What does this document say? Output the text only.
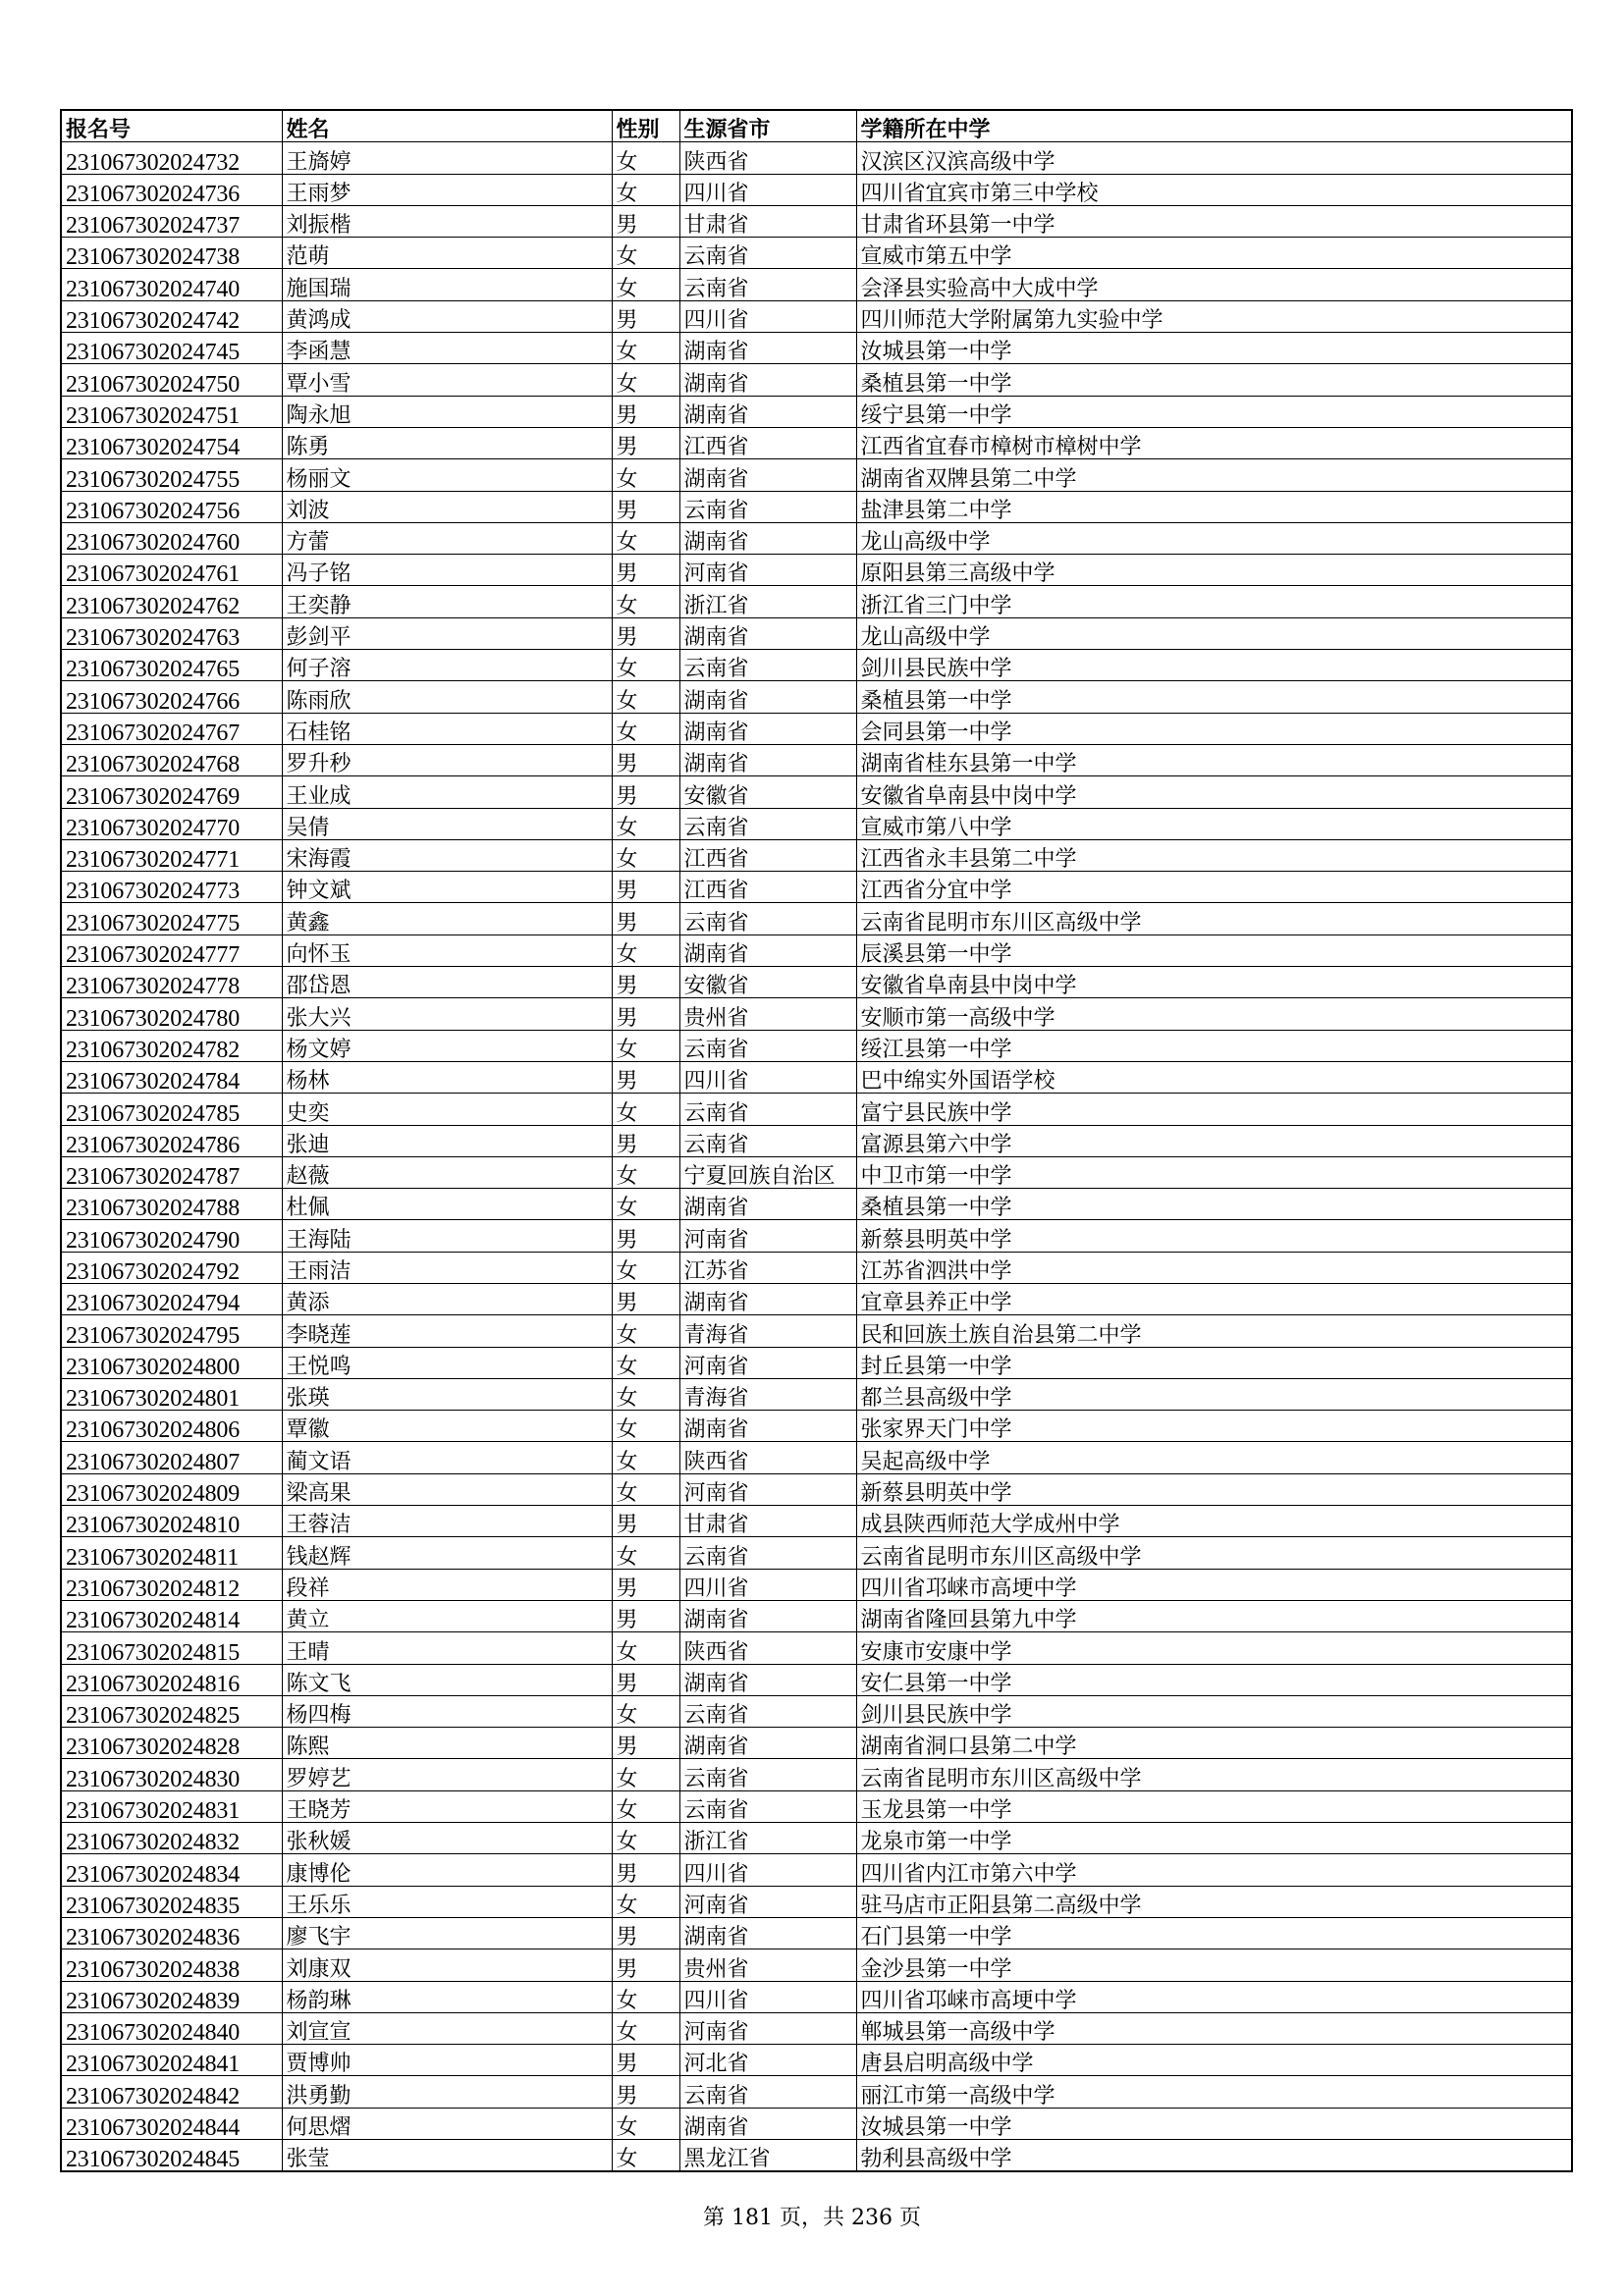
报名号	姓名	性别	生源省市	学籍所在中学
231067302024732	王旖婷	女	陕西省	汉滨区汉滨高级中学
231067302024736	王雨梦	女	四川省	四川省宜宾市第三中学校
231067302024737	刘振楷	男	甘肃省	甘肃省环县第一中学
231067302024738	范萌	女	云南省	宣威市第五中学
231067302024740	施国瑞	女	云南省	会泽县实验高中大成中学
231067302024742	黄鸿成	男	四川省	四川师范大学附属第九实验中学
231067302024745	李函慧	女	湖南省	汝城县第一中学
231067302024750	覃小雪	女	湖南省	桑植县第一中学
231067302024751	陶永旭	男	湖南省	绥宁县第一中学
231067302024754	陈勇	男	江西省	江西省宜春市樟树市樟树中学
231067302024755	杨丽文	女	湖南省	湖南省双牌县第二中学
231067302024756	刘波	男	云南省	盐津县第二中学
231067302024760	方蕾	女	湖南省	龙山高级中学
231067302024761	冯子铭	男	河南省	原阳县第三高级中学
231067302024762	王奕静	女	浙江省	浙江省三门中学
231067302024763	彭剑平	男	湖南省	龙山高级中学
231067302024765	何子溶	女	云南省	剑川县民族中学
231067302024766	陈雨欣	女	湖南省	桑植县第一中学
231067302024767	石桂铭	女	湖南省	会同县第一中学
231067302024768	罗升秒	男	湖南省	湖南省桂东县第一中学
231067302024769	王业成	男	安徽省	安徽省阜南县中岗中学
231067302024770	吴倩	女	云南省	宣威市第八中学
231067302024771	宋海霞	女	江西省	江西省永丰县第二中学
231067302024773	钟文斌	男	江西省	江西省分宜中学
231067302024775	黄鑫	男	云南省	云南省昆明市东川区高级中学
231067302024777	向怀玉	女	湖南省	辰溪县第一中学
231067302024778	邵岱恩	男	安徽省	安徽省阜南县中岗中学
231067302024780	张大兴	男	贵州省	安顺市第一高级中学
231067302024782	杨文婷	女	云南省	绥江县第一中学
231067302024784	杨林	男	四川省	巴中绵实外国语学校
231067302024785	史奕	女	云南省	富宁县民族中学
231067302024786	张迪	男	云南省	富源县第六中学
231067302024787	赵薇	女	宁夏回族自治区	中卫市第一中学
231067302024788	杜佩	女	湖南省	桑植县第一中学
231067302024790	王海陆	男	河南省	新蔡县明英中学
231067302024792	王雨洁	女	江苏省	江苏省泗洪中学
231067302024794	黄添	男	湖南省	宜章县养正中学
231067302024795	李晓莲	女	青海省	民和回族土族自治县第二中学
231067302024800	王悦鸣	女	河南省	封丘县第一中学
231067302024801	张瑛	女	青海省	都兰县高级中学
231067302024806	覃徽	女	湖南省	张家界天门中学
231067302024807	蔺文语	女	陕西省	吴起高级中学
231067302024809	梁高果	女	河南省	新蔡县明英中学
231067302024810	王蓉洁	男	甘肃省	成县陕西师范大学成州中学
231067302024811	钱赵辉	女	云南省	云南省昆明市东川区高级中学
231067302024812	段祥	男	四川省	四川省邛崃市高埂中学
231067302024814	黄立	男	湖南省	湖南省隆回县第九中学
231067302024815	王晴	女	陕西省	安康市安康中学
231067302024816	陈文飞	男	湖南省	安仁县第一中学
231067302024825	杨四梅	女	云南省	剑川县民族中学
231067302024828	陈熙	男	湖南省	湖南省洞口县第二中学
231067302024830	罗婷艺	女	云南省	云南省昆明市东川区高级中学
231067302024831	王晓芳	女	云南省	玉龙县第一中学
231067302024832	张秋媛	女	浙江省	龙泉市第一中学
231067302024834	康博伦	男	四川省	四川省内江市第六中学
231067302024835	王乐乐	女	河南省	驻马店市正阳县第二高级中学
231067302024836	廖飞宇	男	湖南省	石门县第一中学
231067302024838	刘康双	男	贵州省	金沙县第一中学
231067302024839	杨韵琳	女	四川省	四川省邛崃市高埂中学
231067302024840	刘宣宣	女	河南省	郸城县第一高级中学
231067302024841	贾博帅	男	河北省	唐县启明高级中学
231067302024842	洪勇勤	男	云南省	丽江市第一高级中学
231067302024844	何思熠	女	湖南省	汝城县第一中学
231067302024845	张莹	女	黑龙江省	勃利县高级中学
第 181 页，共 236 页
